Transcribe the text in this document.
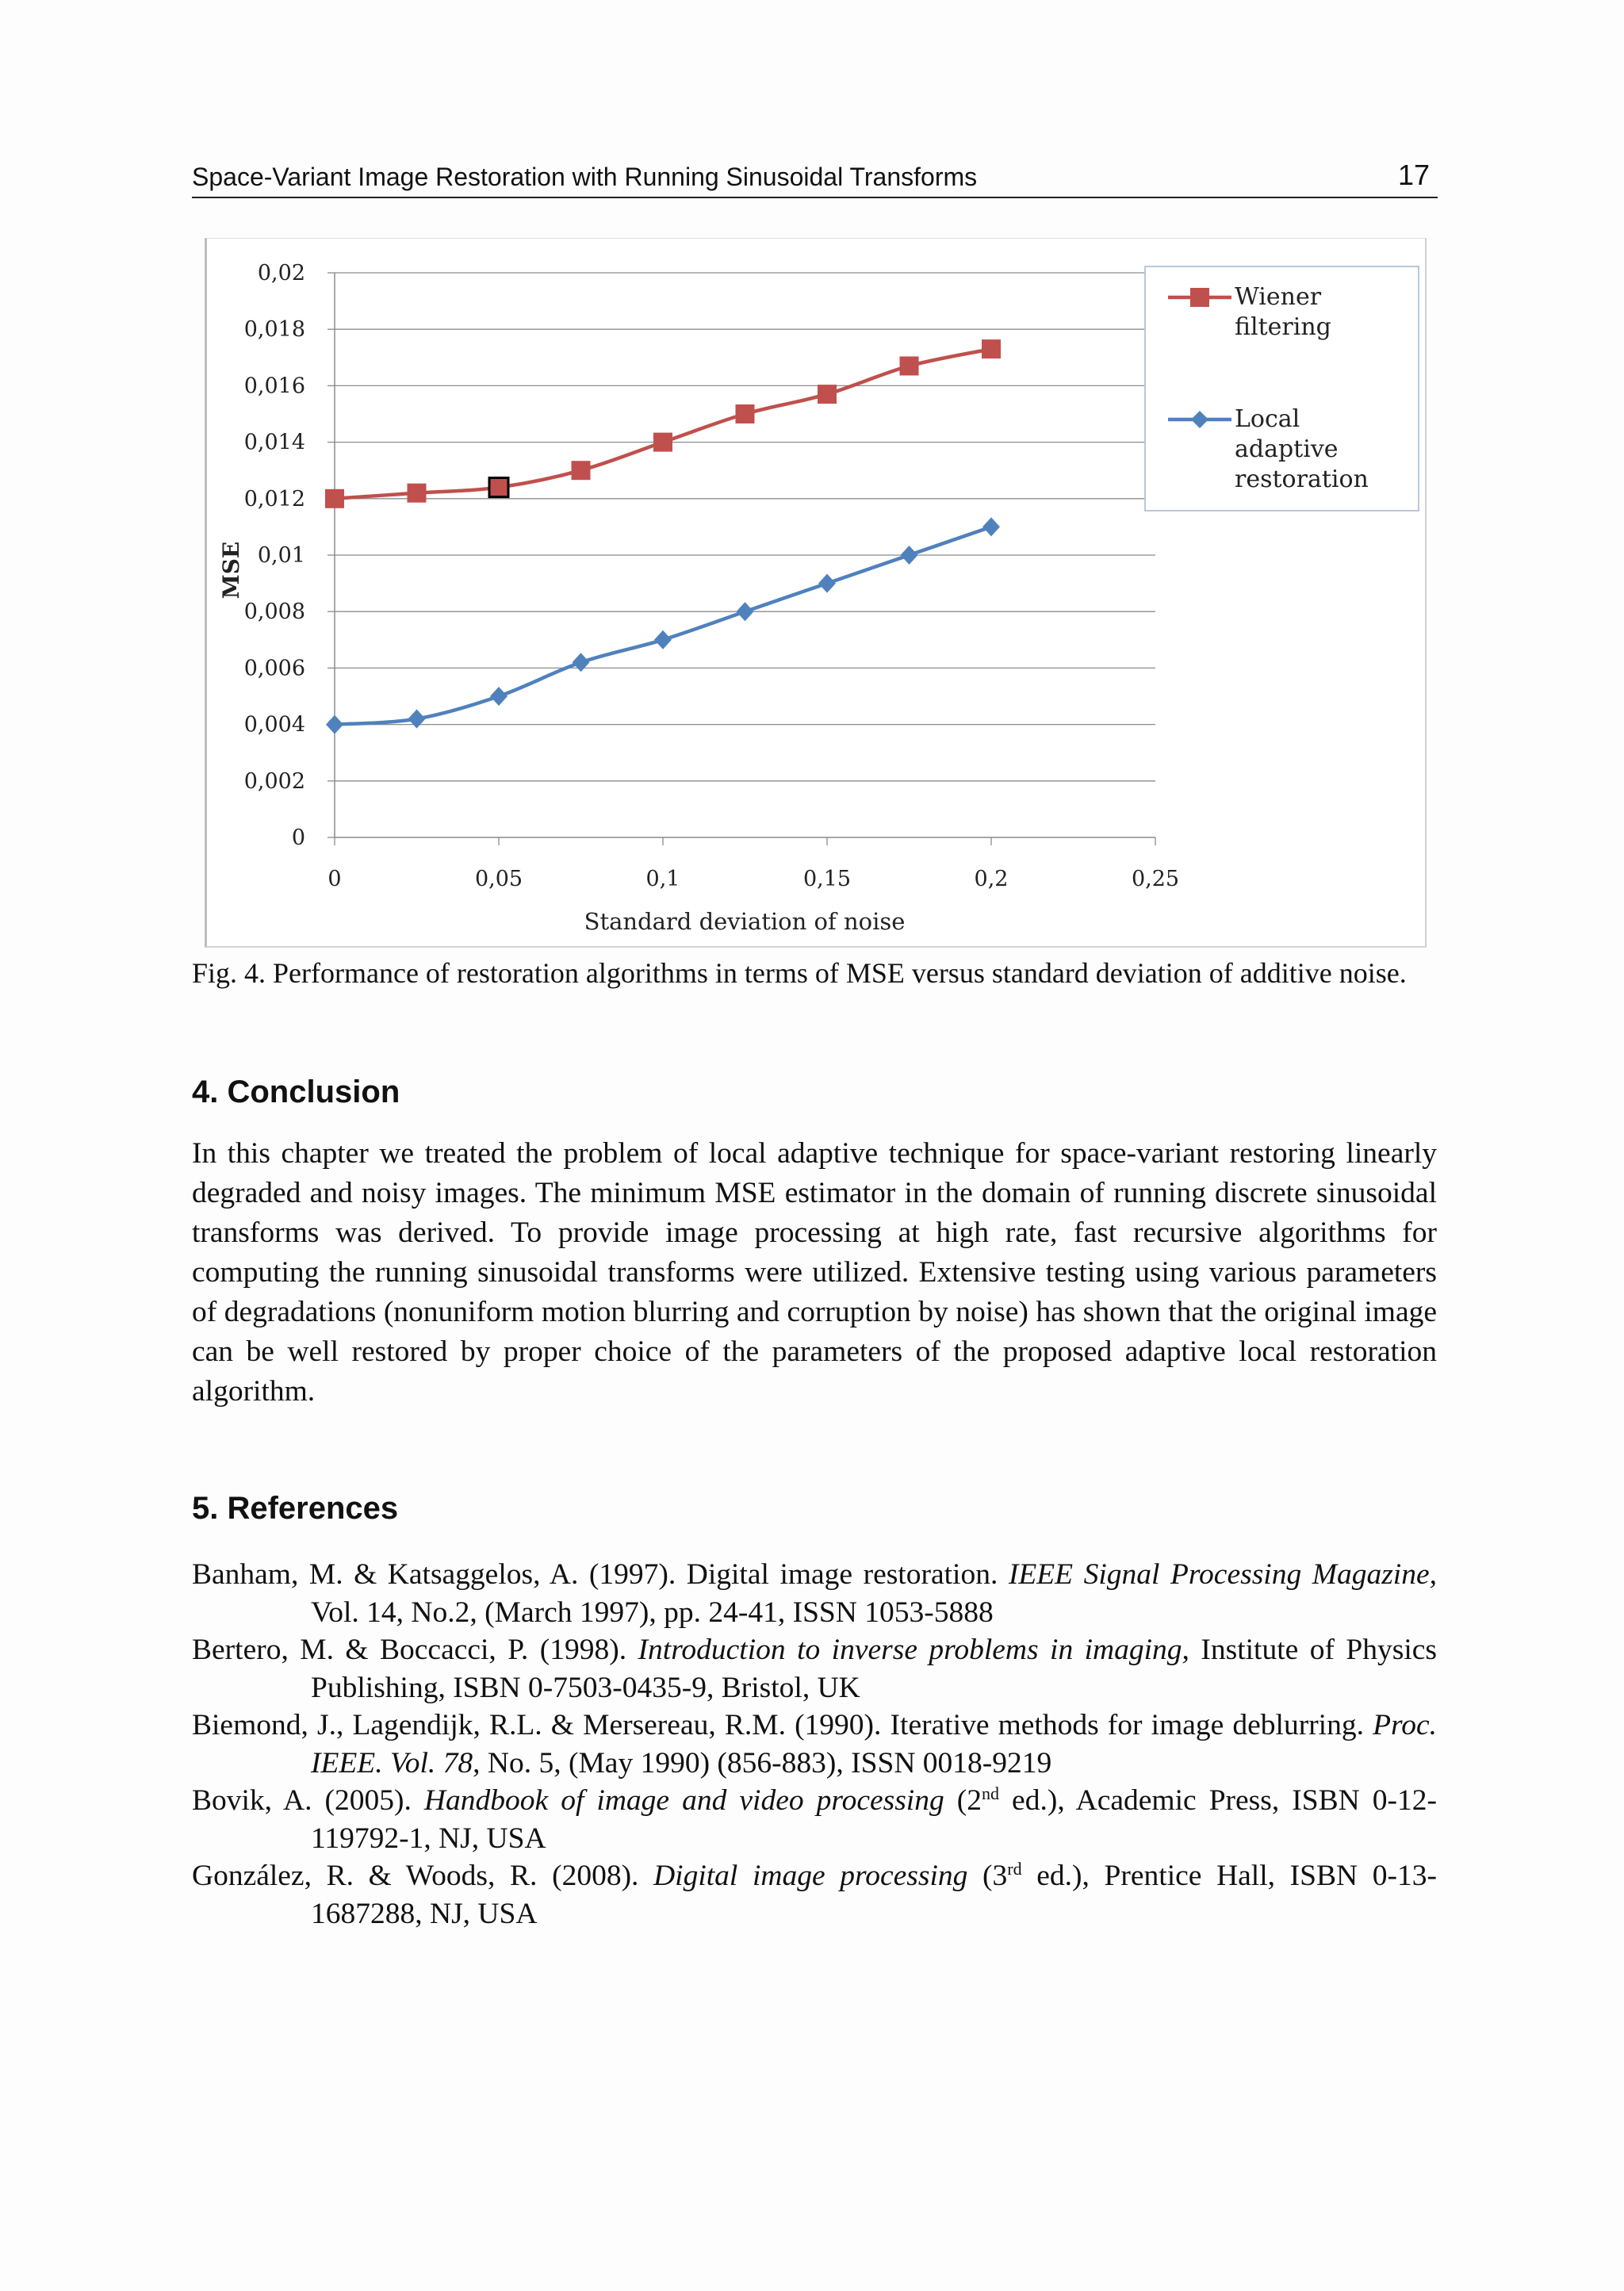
Space-Variant Image Restoration with Running Sinusoidal Transforms	17
0
0,002
0,004
0,006
0,008
0,01
0,012
0,014
0,016
0,018
0,02
0	0,05	0,1	0,15	0,2	0,25
Standard deviation of noise
MSE
Wiener
filtering
Local
adaptive
restoration
Fig. 4. Performance of restoration algorithms in terms of MSE versus standard deviation of additive noise.
4. Conclusion

In this chapter we treated the problem of local adaptive technique for space-variant restoring linearly degraded and noisy images. The minimum MSE estimator in the domain of running discrete sinusoidal transforms was derived. To provide image processing at high rate, fast recursive algorithms for computing the running sinusoidal transforms were utilized. Extensive testing using various parameters of degradations (nonuniform motion blurring and corruption by noise) has shown that the original image can be well restored by proper choice of the parameters of the proposed adaptive local restoration algorithm.

5. References

Banham, M. & Katsaggelos, A. (1997). Digital image restoration. IEEE Signal Processing Magazine, Vol. 14, No.2, (March 1997), pp. 24-41, ISSN 1053-5888

Bertero, M. & Boccacci, P. (1998). Introduction to inverse problems in imaging, Institute of Physics Publishing, ISBN 0-7503-0435-9, Bristol, UK

Biemond, J., Lagendijk, R.L. & Mersereau, R.M. (1990). Iterative methods for image deblurring. Proc. IEEE. Vol. 78, No. 5, (May 1990) (856-883), ISSN 0018-9219

Bovik, A. (2005). Handbook of image and video processing (2nd ed.), Academic Press, ISBN 0-12-119792-1, NJ, USA

González, R. & Woods, R. (2008). Digital image processing (3rd ed.), Prentice Hall, ISBN 0-13-1687288, NJ, USA
